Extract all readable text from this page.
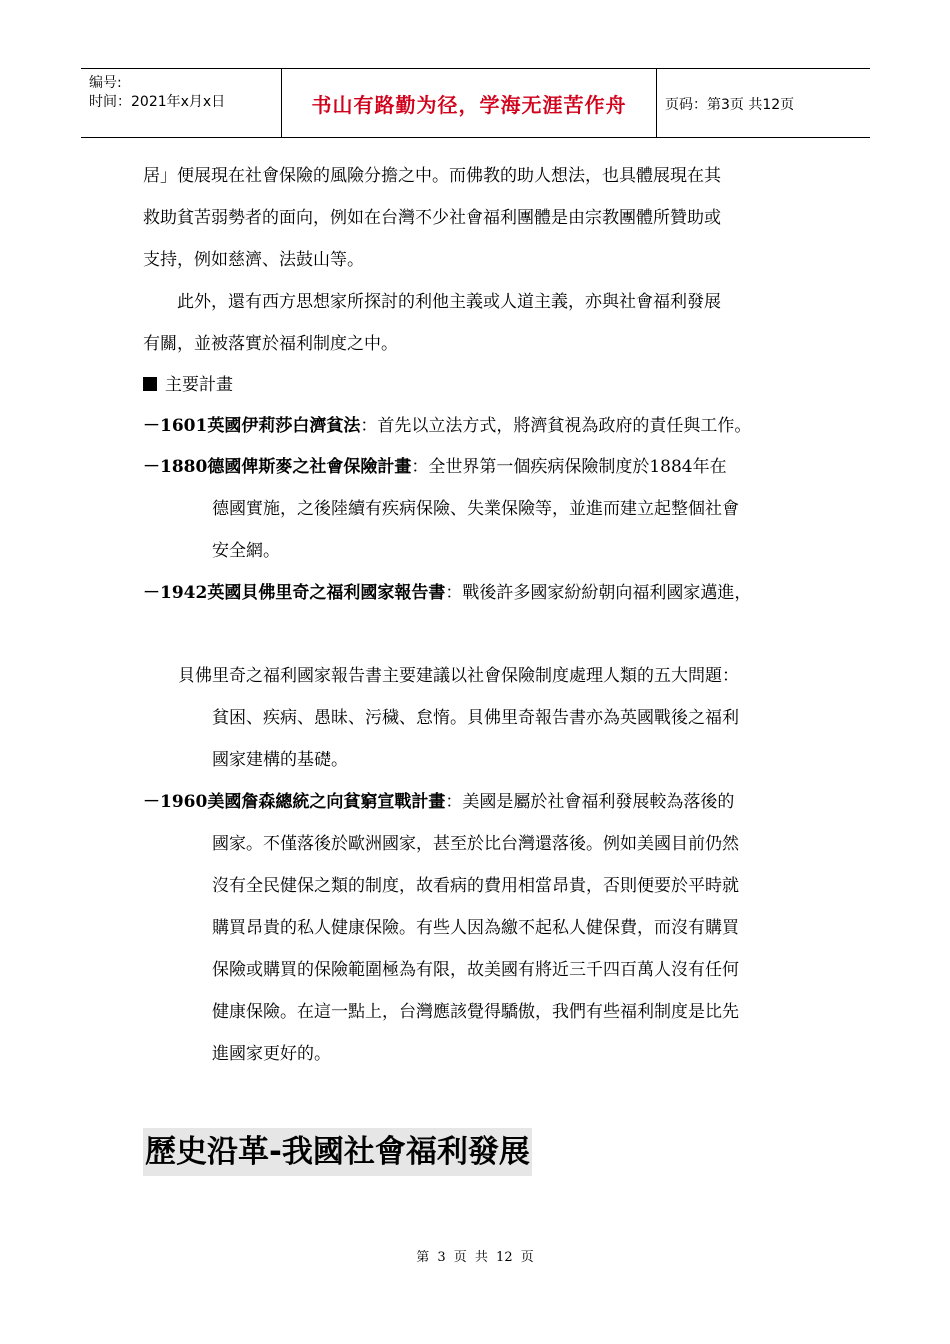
编号:
时间：2021年x月x日	书山有路勤为径，学海无涯苦作舟	页码：第3页 共12页
居」便展現在社會保險的風險分擔之中。而佛教的助人想法，也具體展現在其
救助貧苦弱勢者的面向，例如在台灣不少社會福利團體是由宗教團體所贊助或
支持，例如慈濟、法鼓山等。
此外，還有西方思想家所探討的利他主義或人道主義，亦與社會福利發展
有關，並被落實於福利制度之中。
主要計畫
－1601英國伊莉莎白濟貧法：首先以立法方式，將濟貧視為政府的責任與工作。
－1880德國俾斯麥之社會保險計畫：全世界第一個疾病保險制度於1884年在
德國實施，之後陸續有疾病保險、失業保險等，並進而建立起整個社會
安全網。
－1942英國貝佛里奇之福利國家報告書：戰後許多國家紛紛朝向福利國家邁進，
貝佛里奇之福利國家報告書主要建議以社會保險制度處理人類的五大問題：
貧困、疾病、愚昧、污穢、怠惰。貝佛里奇報告書亦為英國戰後之福利
國家建構的基礎。
－1960美國詹森總統之向貧窮宣戰計畫：美國是屬於社會福利發展較為落後的
國家。不僅落後於歐洲國家，甚至於比台灣還落後。例如美國目前仍然
沒有全民健保之類的制度，故看病的費用相當昂貴，否則便要於平時就
購買昂貴的私人健康保險。有些人因為繳不起私人健保費，而沒有購買
保險或購買的保險範圍極為有限，故美國有將近三千四百萬人沒有任何
健康保險。在這一點上，台灣應該覺得驕傲，我們有些福利制度是比先
進國家更好的。
歷史沿革-我國社會福利發展
第 3 页 共 12 页
